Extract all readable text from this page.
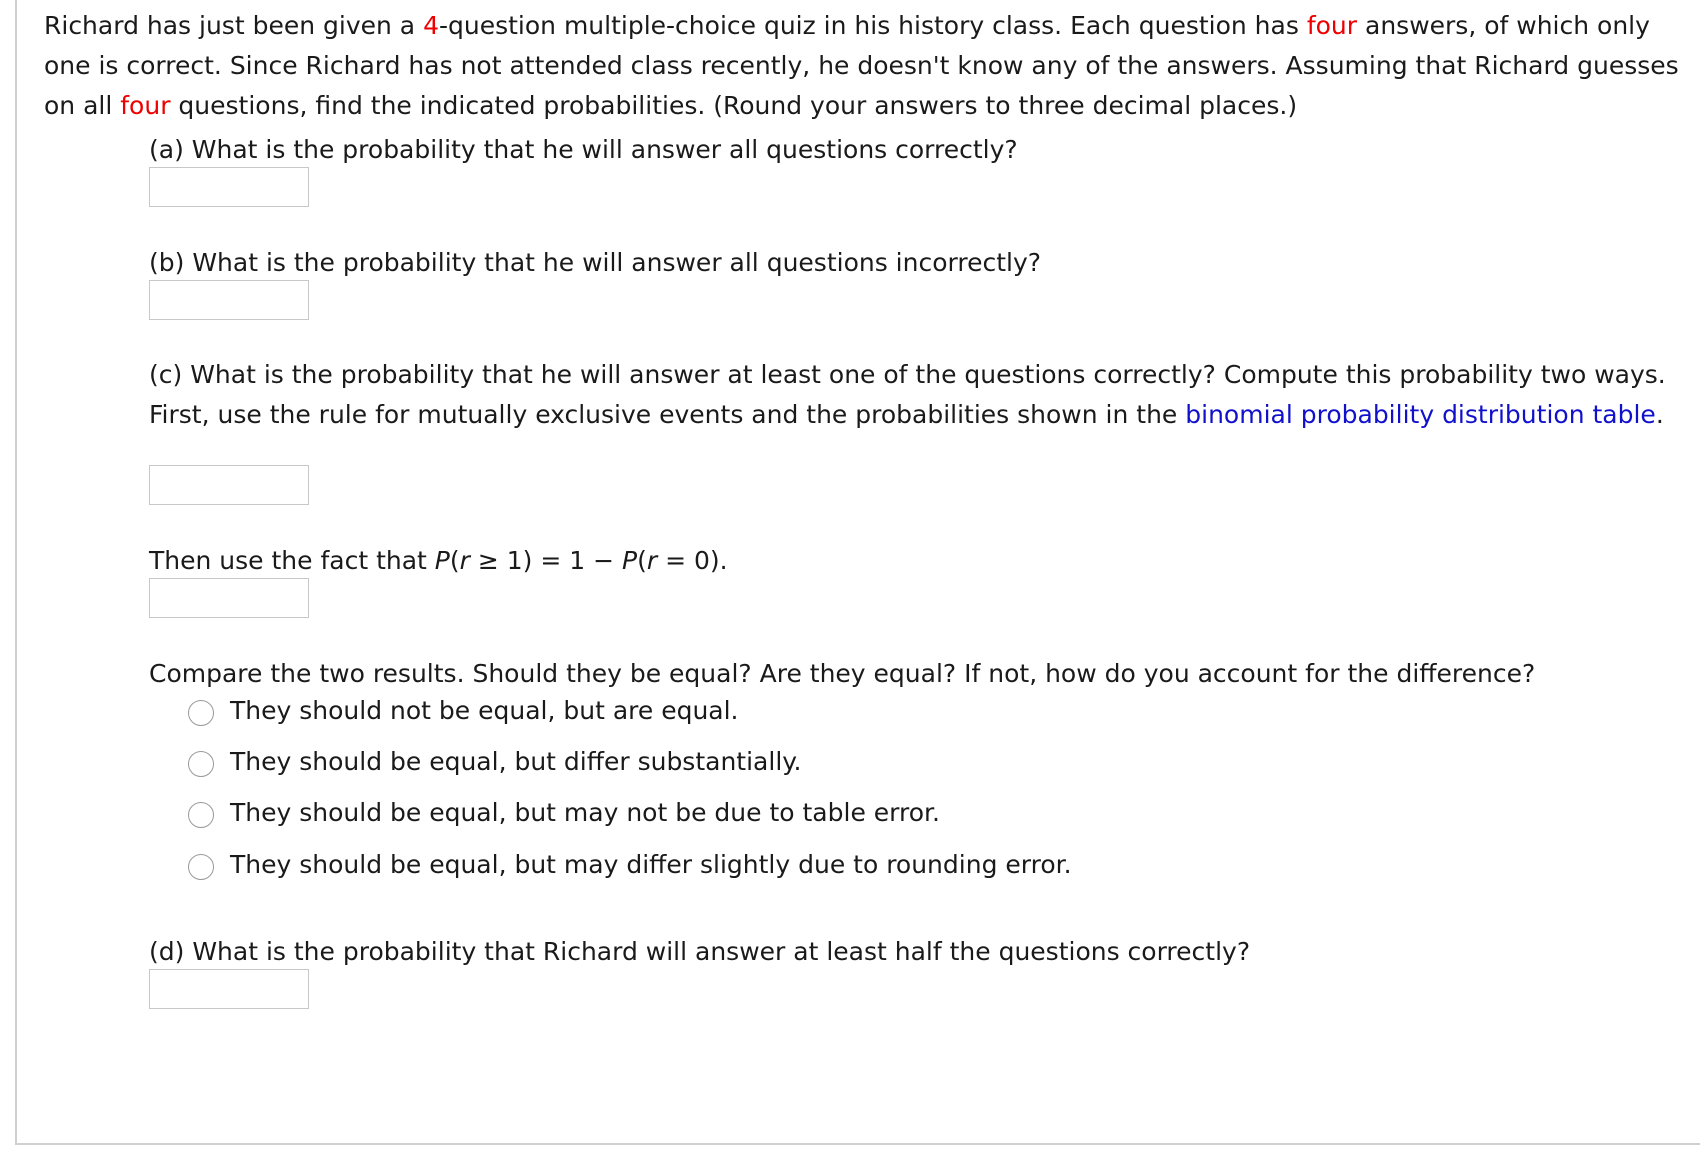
Richard has just been given a 4-question multiple-choice quiz in his history class. Each question has four answers, of which only one is correct. Since Richard has not attended class recently, he doesn't know any of the answers. Assuming that Richard guesses on all four questions, find the indicated probabilities. (Round your answers to three decimal places.)

(a) What is the probability that he will answer all questions correctly?

(b) What is the probability that he will answer all questions incorrectly?

(c) What is the probability that he will answer at least one of the questions correctly? Compute this probability two ways. First, use the rule for mutually exclusive events and the probabilities shown in the binomial probability distribution table.

Then use the fact that P(r ≥ 1) = 1 − P(r = 0).

Compare the two results. Should they be equal? Are they equal? If not, how do you account for the difference?

They should not be equal, but are equal.
They should be equal, but differ substantially.
They should be equal, but may not be due to table error.
They should be equal, but may differ slightly due to rounding error.

(d) What is the probability that Richard will answer at least half the questions correctly?
